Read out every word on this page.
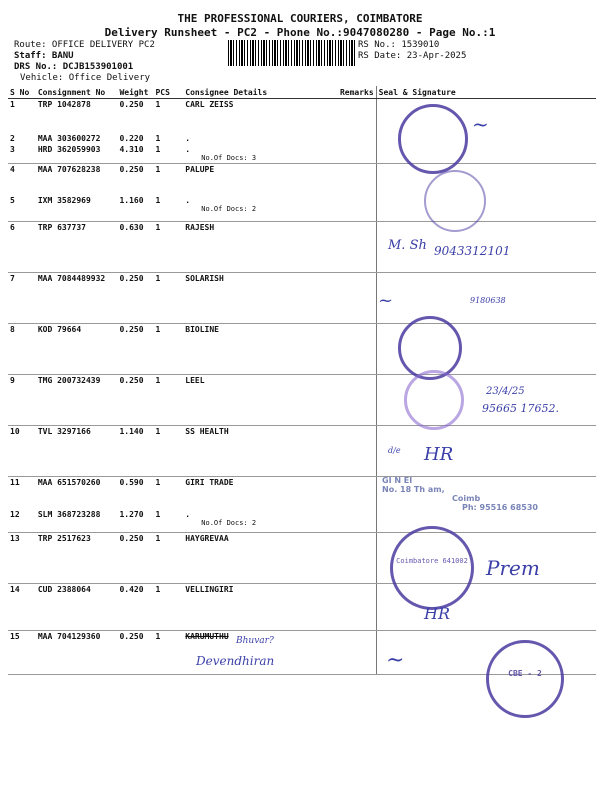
THE PROFESSIONAL COURIERS, COIMBATORE
Delivery Runsheet - PC2 - Phone No.:9047080280 - Page No.:1
Route: OFFICE DELIVERY PC2
Staff: BANU
DRS No.: DCJB153901001
Vehicle: Office Delivery
RS No.: 1539010
RS Date: 23-Apr-2025
S No	Consignment No	Weight	PCS	Consignee Details	Remarks	Seal & Signature
1	TRP 1042878	0.250	1	CARL ZEISS		
2	MAA 303600272	0.220	1	.		
3	HRD 362059903	4.310	1	.
No.Of Docs: 3		

4	MAA 707628238	0.250	1	PALUPE		
5	IXM 3582969	1.160	1	.
No.Of Docs: 2		

6	TRP 637737	0.630	1	RAJESH		
7	MAA 7084489932	0.250	1	SOLARISH		
8	KOD 79664	0.250	1	BIOLINE		
9	TMG 200732439	0.250	1	LEEL		
10	TVL 3297166	1.140	1	SS HEALTH		
11	MAA 651570260	0.590	1	GIRI TRADE		
12	SLM 368723288	1.270	1	.
No.Of Docs: 2		

13	TRP 2517623	0.250	1	HAYGREVAA		
14	CUD 2388064	0.420	1	VELLINGIRI		
15	MAA 704129360	0.250	1	KARUMUTHU		
~
M. Sh 9043312101
9180638
~
23/4/25
95665 17652.
d/e HR
GI N EI
No. 18 Th am,
Coimb
Ph: 95516 68530
Coimbatore 641002 Prem
HR
Bhuvar?
Devendhiran	~
CBE - 2
